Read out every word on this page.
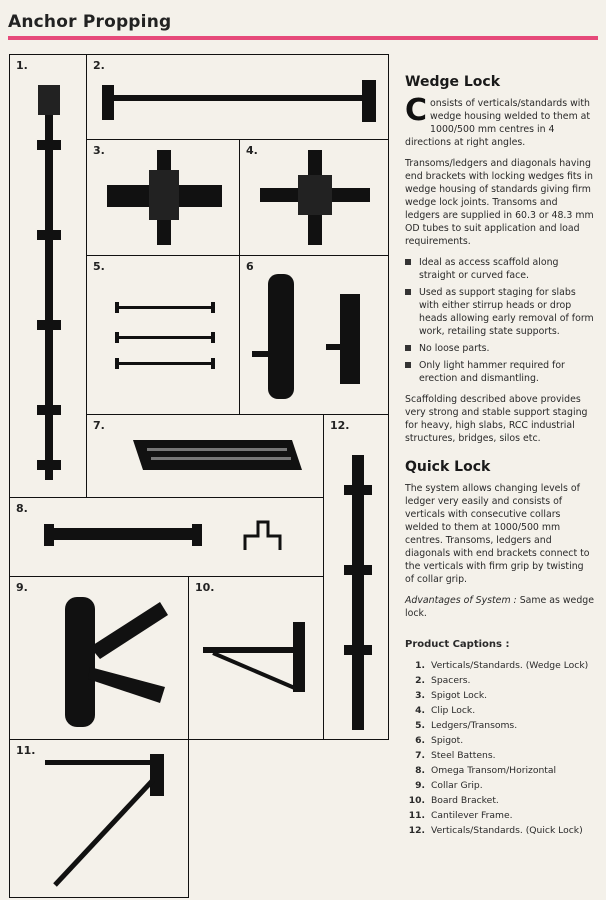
Anchor Propping
1.	2.
3.	4.
5.	6
7.	12.
8.
9.	10.
11.
Wedge Lock

Consists of verticals/standards with wedge housing welded to them at 1000/500 mm centres in 4 directions at right angles.

Transoms/ledgers and diagonals having end brackets with locking wedges fits in wedge housing of standards giving firm wedge lock joints. Transoms and ledgers are supplied in 60.3 or 48.3 mm OD tubes to suit application and load requirements.

Ideal as access scaffold along straight or curved face.
Used as support staging for slabs with either stirrup heads or drop heads allowing early removal of form work, retailing state supports.
No loose parts.
Only light hammer required for erection and dismantling.

Scaffolding described above provides very strong and stable support staging for heavy, high slabs, RCC industrial structures, bridges, silos etc.

Quick Lock

The system allows changing levels of ledger very easily and consists of verticals with consecutive collars welded to them at 1000/500 mm centres. Transoms, ledgers and diagonals with end brackets connect to the verticals with firm grip by twisting of collar grip.

Advantages of System : Same as wedge lock.

Product Captions :
1. Verticals/Standards. (Wedge Lock)
2. Spacers.
3. Spigot Lock.
4. Clip Lock.
5. Ledgers/Transoms.
6. Spigot.
7. Steel Battens.
8. Omega Transom/Horizontal
9. Collar Grip.
10. Board Bracket.
11. Cantilever Frame.
12. Verticals/Standards. (Quick Lock)
